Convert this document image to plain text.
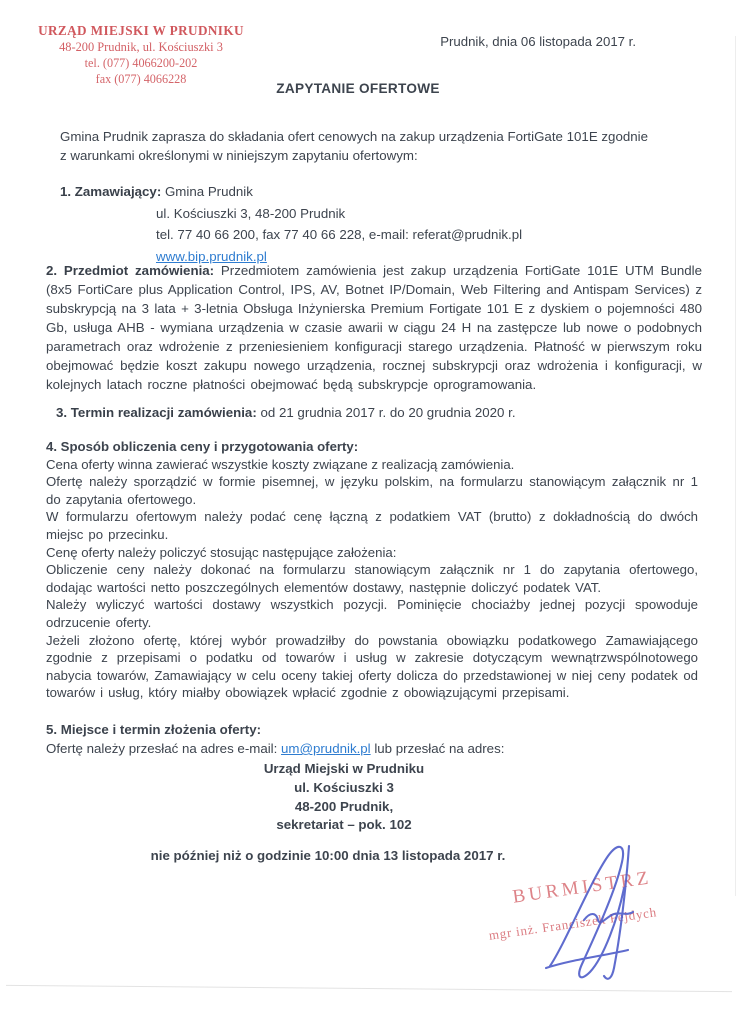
URZĄD MIEJSKI W PRUDNIKU
48-200 Prudnik, ul. Kościuszki 3
tel. (077) 4066200-202
fax (077) 4066228
Prudnik, dnia 06 listopada 2017 r.
ZAPYTANIE OFERTOWE

Gmina Prudnik zaprasza do składania ofert cenowych na zakup urządzenia FortiGate 101E zgodnie z warunkami określonymi w niniejszym zapytaniu ofertowym:

1. Zamawiający: Gmina Prudnik

ul. Kościuszki 3, 48-200 Prudnik

tel. 77 40 66 200, fax 77 40 66 228, e-mail: referat@prudnik.pl

www.bip.prudnik.pl

2. Przedmiot zamówienia: Przedmiotem zamówienia jest zakup urządzenia FortiGate 101E UTM Bundle (8x5 FortiCare plus Application Control, IPS, AV, Botnet IP/Domain, Web Filtering and Antispam Services) z subskrypcją na 3 lata + 3-letnia Obsługa Inżynierska Premium Fortigate 101 E z dyskiem o pojemności 480 Gb, usługa AHB - wymiana urządzenia w czasie awarii w ciągu 24 H na zastępcze lub nowe o podobnych parametrach oraz wdrożenie z przeniesieniem konfiguracji starego urządzenia. Płatność w pierwszym roku obejmować będzie koszt zakupu nowego urządzenia, rocznej subskrypcji oraz wdrożenia i konfiguracji, w kolejnych latach roczne płatności obejmować będą subskrypcje oprogramowania.

3. Termin realizacji zamówienia: od 21 grudnia 2017 r. do 20 grudnia 2020 r.

4. Sposób obliczenia ceny i przygotowania oferty:

Cena oferty winna zawierać wszystkie koszty związane z realizacją zamówienia.

Ofertę należy sporządzić w formie pisemnej, w języku polskim, na formularzu stanowiącym załącznik nr 1 do zapytania ofertowego.

W formularzu ofertowym należy podać cenę łączną z podatkiem VAT (brutto) z dokładnością do dwóch miejsc po przecinku.

Cenę oferty należy policzyć stosując następujące założenia:

Obliczenie ceny należy dokonać na formularzu stanowiącym załącznik nr 1 do zapytania ofertowego, dodając wartości netto poszczególnych elementów dostawy, następnie doliczyć podatek VAT.

Należy wyliczyć wartości dostawy wszystkich pozycji. Pominięcie chociażby jednej pozycji spowoduje odrzucenie oferty.

Jeżeli złożono ofertę, której wybór prowadziłby do powstania obowiązku podatkowego Zamawiającego zgodnie z przepisami o podatku od towarów i usług w zakresie dotyczącym wewnątrzwspólnotowego nabycia towarów, Zamawiający w celu oceny takiej oferty dolicza do przedstawionej w niej ceny podatek od towarów i usług, który miałby obowiązek wpłacić zgodnie z obowiązującymi przepisami.

5. Miejsce i termin złożenia oferty:

Ofertę należy przesłać na adres e-mail: um@prudnik.pl lub przesłać na adres:

Urząd Miejski w Prudniku
ul. Kościuszki 3
48-200 Prudnik,
sekretariat – pok. 102

nie później niż o godzinie 10:00 dnia 13 listopada 2017 r.

BURMISTRZ
mgr inż. Franciszek Fejdych
